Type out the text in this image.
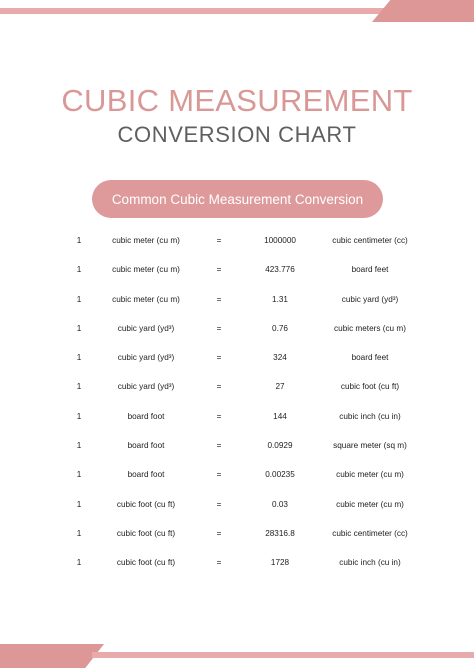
CUBIC MEASUREMENT
CONVERSION CHART
Common Cubic Measurement Conversion
1	cubic meter (cu m)	=	1000000	cubic centimeter (cc)
1	cubic meter (cu m)	=	423.776	board feet
1	cubic meter (cu m)	=	1.31	cubic yard (yd³)
1	cubic yard (yd³)	=	0.76	cubic meters (cu m)
1	cubic yard (yd³)	=	324	board feet
1	cubic yard (yd³)	=	27	cubic foot (cu ft)
1	board foot	=	144	cubic inch (cu in)
1	board foot	=	0.0929	square meter (sq m)
1	board foot	=	0.00235	cubic meter (cu m)
1	cubic foot (cu ft)	=	0.03	cubic meter (cu m)
1	cubic foot (cu ft)	=	28316.8	cubic centimeter (cc)
1	cubic foot (cu ft)	=	1728	cubic inch (cu in)
